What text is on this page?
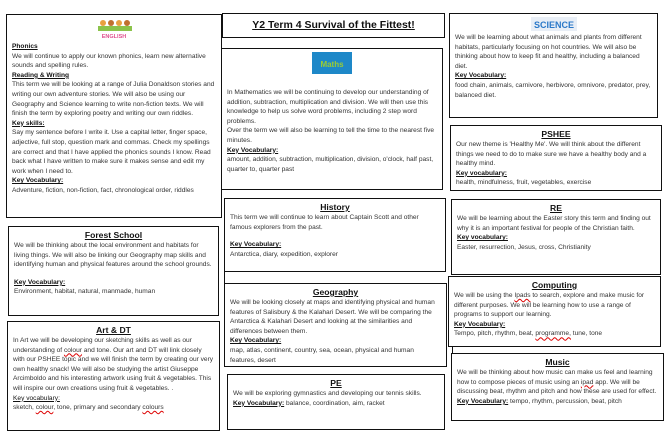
ENGLISH
Phonics
We will continue to apply our known phonics, learn new alternative sounds and spelling rules.
Reading & Writing
This term we will be looking at a range of Julia Donaldson stories and writing our own adventure stories. We will also be using our Geography and Science learning to write non-fiction texts. We will finish the term by exploring poetry and writing our own riddles.
Key skills:
Say my sentence before I write it. Use a capital letter, finger space, adjective, full stop, question mark and commas. Check my spellings are correct and that I have applied the phonics sounds I know. Read back what I have written to make sure it makes sense and edit my work when I need to.
Key Vocabulary:
Adventure, fiction, non-fiction, fact, chronological order, riddles
Forest School
We will be thinking about the local environment and habitats for living things. We will also be linking our Geography map skills and identifying human and physical features around the school grounds.
Key Vocabulary:
Environment, habitat, natural, manmade, human
Art & DT
In Art we will be developing our sketching skills as well as our understanding of colour and tone. Our art and DT will link closely with our PSHEE topic and we will finish the term by creating our very own healthy snack! We will also be studying the artist Giuseppe Arcimboldo and his interesting artwork using fruit & vegetables. This will inspire our own creations using fruit & vegetables. .
Key vocabulary:
sketch, colour, tone, primary and secondary colours
Y2 Term 4 Survival of the Fittest!
Maths
In Mathematics we will be continuing to develop our understanding of addition, subtraction, multiplication and division. We will then use this knowledge to help us solve word problems, including 2 step word problems.
Over the term we will also be learning to tell the time to the nearest five minutes.
Key Vocabulary:
amount, addition, subtraction, multiplication, division, o'clock, half past, quarter to, quarter past
History
This term we will continue to learn about Captain Scott and other famous explorers from the past.
Key Vocabulary:
Antarctica, diary, expedition, explorer
Geography
We will be looking closely at maps and identifying physical and human features of Salisbury & the Kalahari Desert. We will be comparing the Antarctica & Kalahari Desert and looking at the similarities and differences between them.
Key Vocabulary:
map, atlas, continent, country, sea, ocean, physical and human features, desert
PE
We will be exploring gymnastics and developing our tennis skills.
Key Vocabulary: balance, coordination, aim, racket
SCIENCE
We will be learning about what animals and plants from different habitats, particularly focusing on hot countries. We will also be thinking about how to keep fit and healthy, including a balanced diet.
Key Vocabulary:
food chain, animals, carnivore, herbivore, omnivore, predator, prey, balanced diet.
PSHEE
Our new theme is 'Healthy Me'. We will think about the different things we need to do to make sure we have a healthy body and a healthy mind.
Key vocabulary:
health, mindfulness, fruit, vegetables, exercise
RE
We will be learning about the Easter story this term and finding out why it is an important festival for people of the Christian faith.
Key vocabulary:
Easter, resurrection, Jesus, cross, Christianity
Computing
We will be using the Ipads to search, explore and make music for different purposes. We will be learning how to use a range of programs to support our learning.
Key Vocabulary:
Tempo, pitch, rhythm, beat, programme, tune, tone
Music
We will be thinking about how music can make us feel and learning how to compose pieces of music using an ipad app. We will be discussing beat, rhythm and pitch and how these are used for effect.
Key Vocabulary: tempo, rhythm, percussion, beat, pitch
